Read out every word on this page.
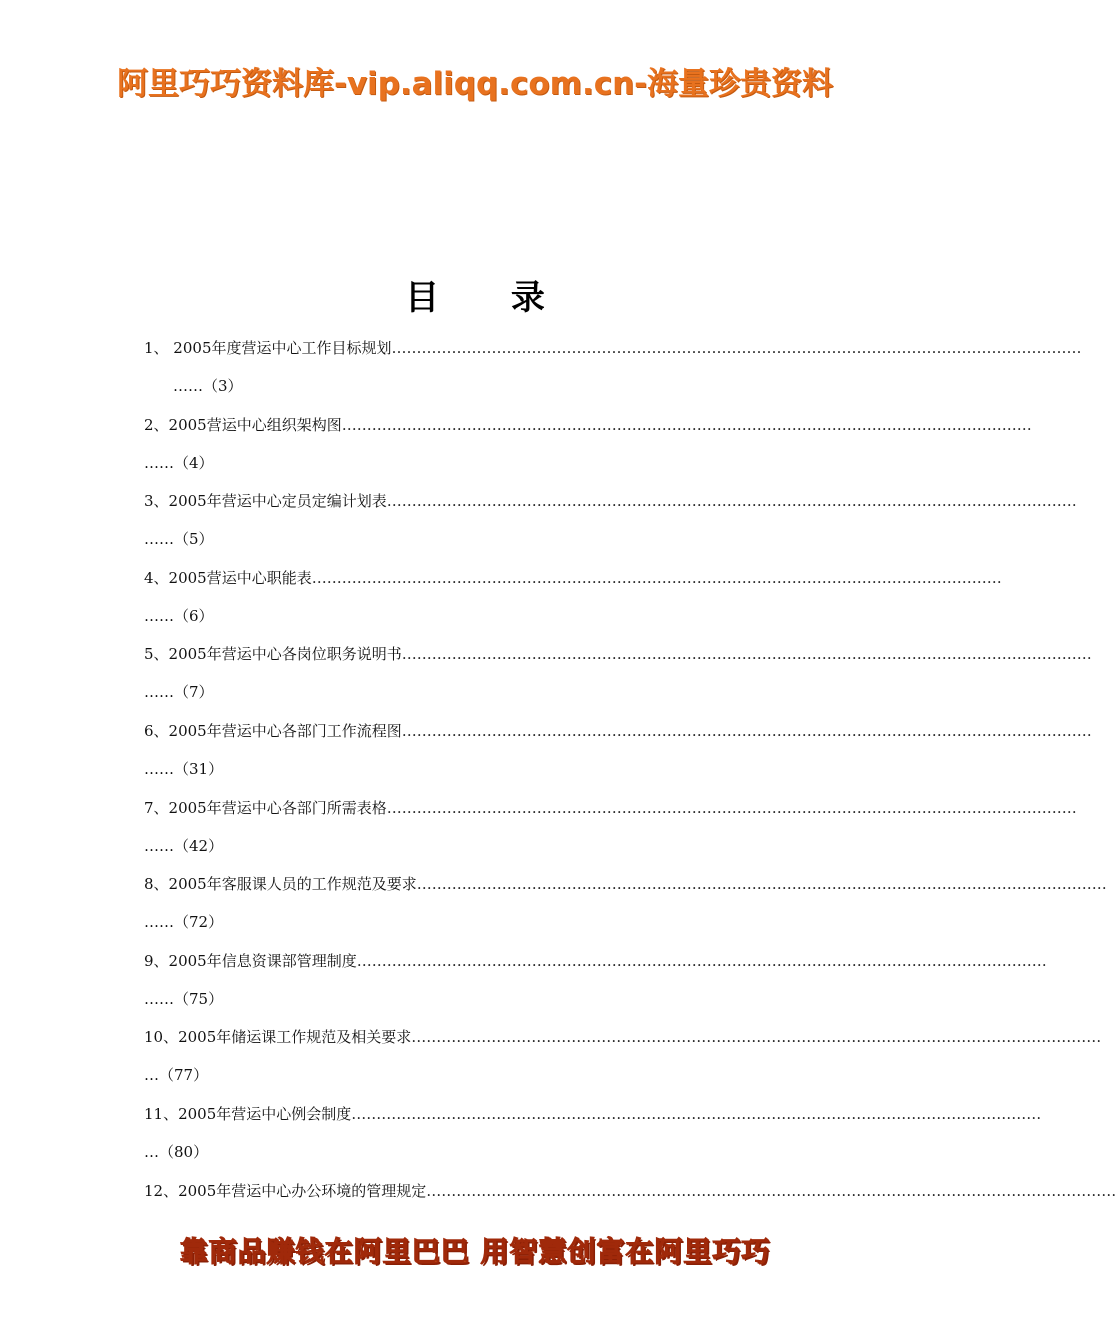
阿里巧巧资料库-vip.aliqq.com.cn-海量珍贵资料
目 录
1、 2005年度营运中心工作目标规划 …………………………………………………………………………………………………………………………
……（3）
2、2005营运中心组织架构图 …………………………………………………………………………………………………………………………
……（4）
3、2005年营运中心定员定编计划表 …………………………………………………………………………………………………………………………
……（5）
4、2005营运中心职能表 …………………………………………………………………………………………………………………………
……（6）
5、2005年营运中心各岗位职务说明书 …………………………………………………………………………………………………………………………
……（7）
6、2005年营运中心各部门工作流程图 …………………………………………………………………………………………………………………………
……（31）
7、2005年营运中心各部门所需表格 …………………………………………………………………………………………………………………………
……（42）
8、2005年客服课人员的工作规范及要求 …………………………………………………………………………………………………………………………
……（72）
9、2005年信息资课部管理制度 …………………………………………………………………………………………………………………………
……（75）
10、2005年储运课工作规范及相关要求 …………………………………………………………………………………………………………………………
…（77）
11、2005年营运中心例会制度 …………………………………………………………………………………………………………………………
…（80）
12、2005年营运中心办公环境的管理规定 …………………………………………………………………………………………………………………………
靠商品赚钱在阿里巴巴 用智慧创富在阿里巧巧
